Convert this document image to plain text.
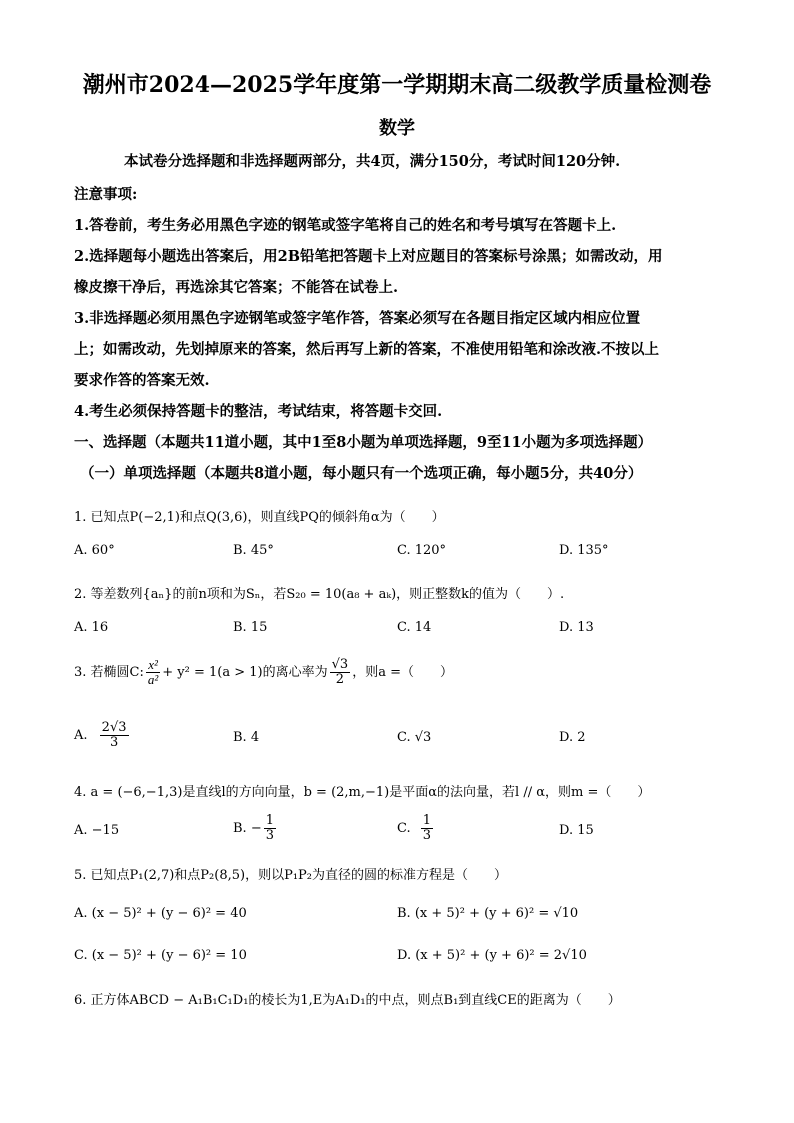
潮州市2024—2025学年度第一学期期末高二级教学质量检测卷
数学
本试卷分选择题和非选择题两部分，共4页，满分150分，考试时间120分钟.
注意事项:
1.答卷前，考生务必用黑色字迹的钢笔或签字笔将自己的姓名和考号填写在答题卡上.
2.选择题每小题选出答案后，用2B铅笔把答题卡上对应题目的答案标号涂黑；如需改动，用
橡皮擦干净后，再选涂其它答案；不能答在试卷上.
3.非选择题必须用黑色字迹钢笔或签字笔作答，答案必须写在各题目指定区域内相应位置
上；如需改动，先划掉原来的答案，然后再写上新的答案，不准使用铅笔和涂改液.不按以上
要求作答的答案无效.
4.考生必须保持答题卡的整洁，考试结束，将答题卡交回.
一、选择题（本题共11道小题，其中1至8小题为单项选择题，9至11小题为多项选择题）
（一）单项选择题（本题共8道小题，每小题只有一个选项正确，每小题5分，共40分）
1. 已知点P(−2,1)和点Q(3,6)，则直线PQ的倾斜角α为（　　）
A. 60°	B. 45°	C. 120°	D. 135°
2. 等差数列{aₙ}的前n项和为Sₙ，若S₂₀ = 10(a₈ + aₖ)，则正整数k的值为（　　）.
A. 16	B. 15	C. 14	D. 13
3. 若椭圆C: $\frac{\text{x²}}{\text{a²}} + y^2 = 1(a > 1)$的离心率为 $\frac{√3}{2}$ ，则a =（　　）
A. $\frac{2√3}{3}$	B. 4	C. √3	D. 2
4. a = (−6,−1,3)是直线l的方向向量，b = (2,m,−1)是平面α的法向量，若l // α，则m =（　　）
A. −15	B. − $\frac{1}{3}$	C. $\frac{1}{3}$	D. 15
5. 已知点P₁(2,7)和点P₂(8,5)，则以P₁P₂为直径的圆的标准方程是（　　）
A. (x − 5)² + (y − 6)² = 40	B. (x + 5)² + (y + 6)² = √10
C. (x − 5)² + (y − 6)² = 10	D. (x + 5)² + (y + 6)² = 2√10
6. 正方体ABCD − A₁B₁C₁D₁的棱长为1,E为A₁D₁的中点，则点B₁到直线CE的距离为（　　）
